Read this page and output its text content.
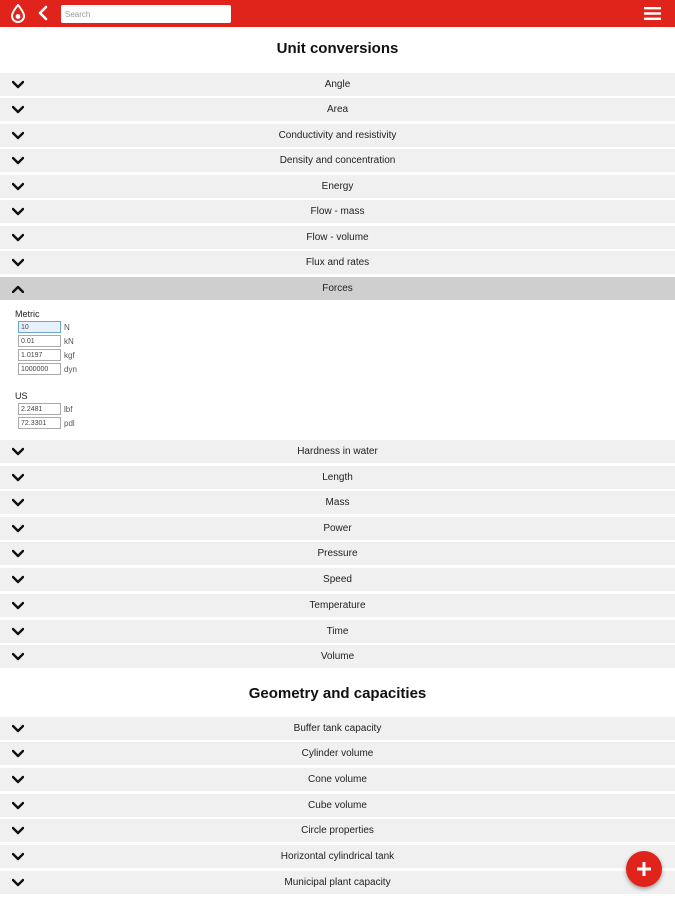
Search
Unit conversions
Angle
Area
Conductivity and resistivity
Density and concentration
Energy
Flow - mass
Flow - volume
Flux and rates
Forces
Hardness in water
Length
Mass
Power
Pressure
Speed
Temperature
Time
Volume
Metric
10
N
0.01
kN
1.0197
kgf
1000000
dyn
US
2.2481
lbf
72.3301
pdl
Geometry and capacities
Buffer tank capacity
Cylinder volume
Cone volume
Cube volume
Circle properties
Horizontal cylindrical tank
Municipal plant capacity
